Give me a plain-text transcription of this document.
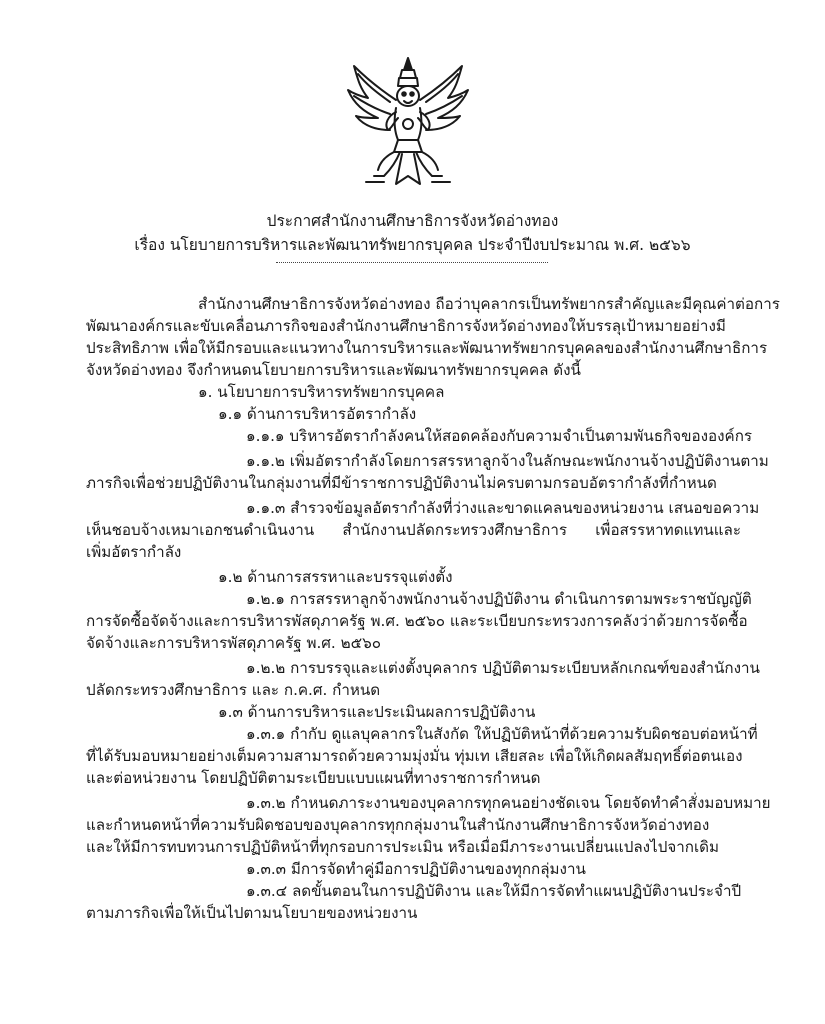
ประกาศสำนักงานศึกษาธิการจังหวัดอ่างทอง
เรื่อง นโยบายการบริหารและพัฒนาทรัพยากรบุคคล ประจำปีงบประมาณ พ.ศ. ๒๕๖๖

สำนักงานศึกษาธิการจังหวัดอ่างทอง ถือว่าบุคลากรเป็นทรัพยากรสำคัญและมีคุณค่าต่อการ

พัฒนาองค์กรและขับเคลื่อนภารกิจของสำนักงานศึกษาธิการจังหวัดอ่างทองให้บรรลุเป้าหมายอย่างมี

ประสิทธิภาพ เพื่อให้มีกรอบและแนวทางในการบริหารและพัฒนาทรัพยากรบุคคลของสำนักงานศึกษาธิการ

จังหวัดอ่างทอง จึงกำหนดนโยบายการบริหารและพัฒนาทรัพยากรบุคคล ดังนี้

๑. นโยบายการบริหารทรัพยากรบุคคล

๑.๑ ด้านการบริหารอัตรากำลัง

๑.๑.๑ บริหารอัตรากำลังคนให้สอดคล้องกับความจำเป็นตามพันธกิจขององค์กร

๑.๑.๒ เพิ่มอัตรากำลังโดยการสรรหาลูกจ้างในลักษณะพนักงานจ้างปฏิบัติงานตาม

ภารกิจเพื่อช่วยปฏิบัติงานในกลุ่มงานที่มีข้าราชการปฏิบัติงานไม่ครบตามกรอบอัตรากำลังที่กำหนด

๑.๑.๓ สำรวจข้อมูลอัตรากำลังที่ว่างและขาดแคลนของหน่วยงาน เสนอขอความ

เห็นชอบจ้างเหมาเอกชนดำเนินงาน สำนักงานปลัดกระทรวงศึกษาธิการ เพื่อสรรหาทดแทนและ

เพิ่มอัตรากำลัง

๑.๒ ด้านการสรรหาและบรรจุแต่งตั้ง

๑.๒.๑ การสรรหาลูกจ้างพนักงานจ้างปฏิบัติงาน ดำเนินการตามพระราชบัญญัติ

การจัดซื้อจัดจ้างและการบริหารพัสดุภาครัฐ พ.ศ. ๒๕๖๐ และระเบียบกระทรวงการคลังว่าด้วยการจัดซื้อ

จัดจ้างและการบริหารพัสดุภาครัฐ พ.ศ. ๒๕๖๐

๑.๒.๒ การบรรจุและแต่งตั้งบุคลากร ปฏิบัติตามระเบียบหลักเกณฑ์ของสำนักงาน

ปลัดกระทรวงศึกษาธิการ และ ก.ค.ศ. กำหนด

๑.๓ ด้านการบริหารและประเมินผลการปฏิบัติงาน

๑.๓.๑ กำกับ ดูแลบุคลากรในสังกัด ให้ปฏิบัติหน้าที่ด้วยความรับผิดชอบต่อหน้าที่

ที่ได้รับมอบหมายอย่างเต็มความสามารถด้วยความมุ่งมั่น ทุ่มเท เสียสละ เพื่อให้เกิดผลสัมฤทธิ์ต่อตนเอง

และต่อหน่วยงาน โดยปฏิบัติตามระเบียบแบบแผนที่ทางราชการกำหนด

๑.๓.๒ กำหนดภาระงานของบุคลากรทุกคนอย่างชัดเจน โดยจัดทำคำสั่งมอบหมาย

และกำหนดหน้าที่ความรับผิดชอบของบุคลากรทุกกลุ่มงานในสำนักงานศึกษาธิการจังหวัดอ่างทอง

และให้มีการทบทวนการปฏิบัติหน้าที่ทุกรอบการประเมิน หรือเมื่อมีภาระงานเปลี่ยนแปลงไปจากเดิม

๑.๓.๓ มีการจัดทำคู่มือการปฏิบัติงานของทุกกลุ่มงาน

๑.๓.๔ ลดขั้นตอนในการปฏิบัติงาน และให้มีการจัดทำแผนปฏิบัติงานประจำปี

ตามภารกิจเพื่อให้เป็นไปตามนโยบายของหน่วยงาน
